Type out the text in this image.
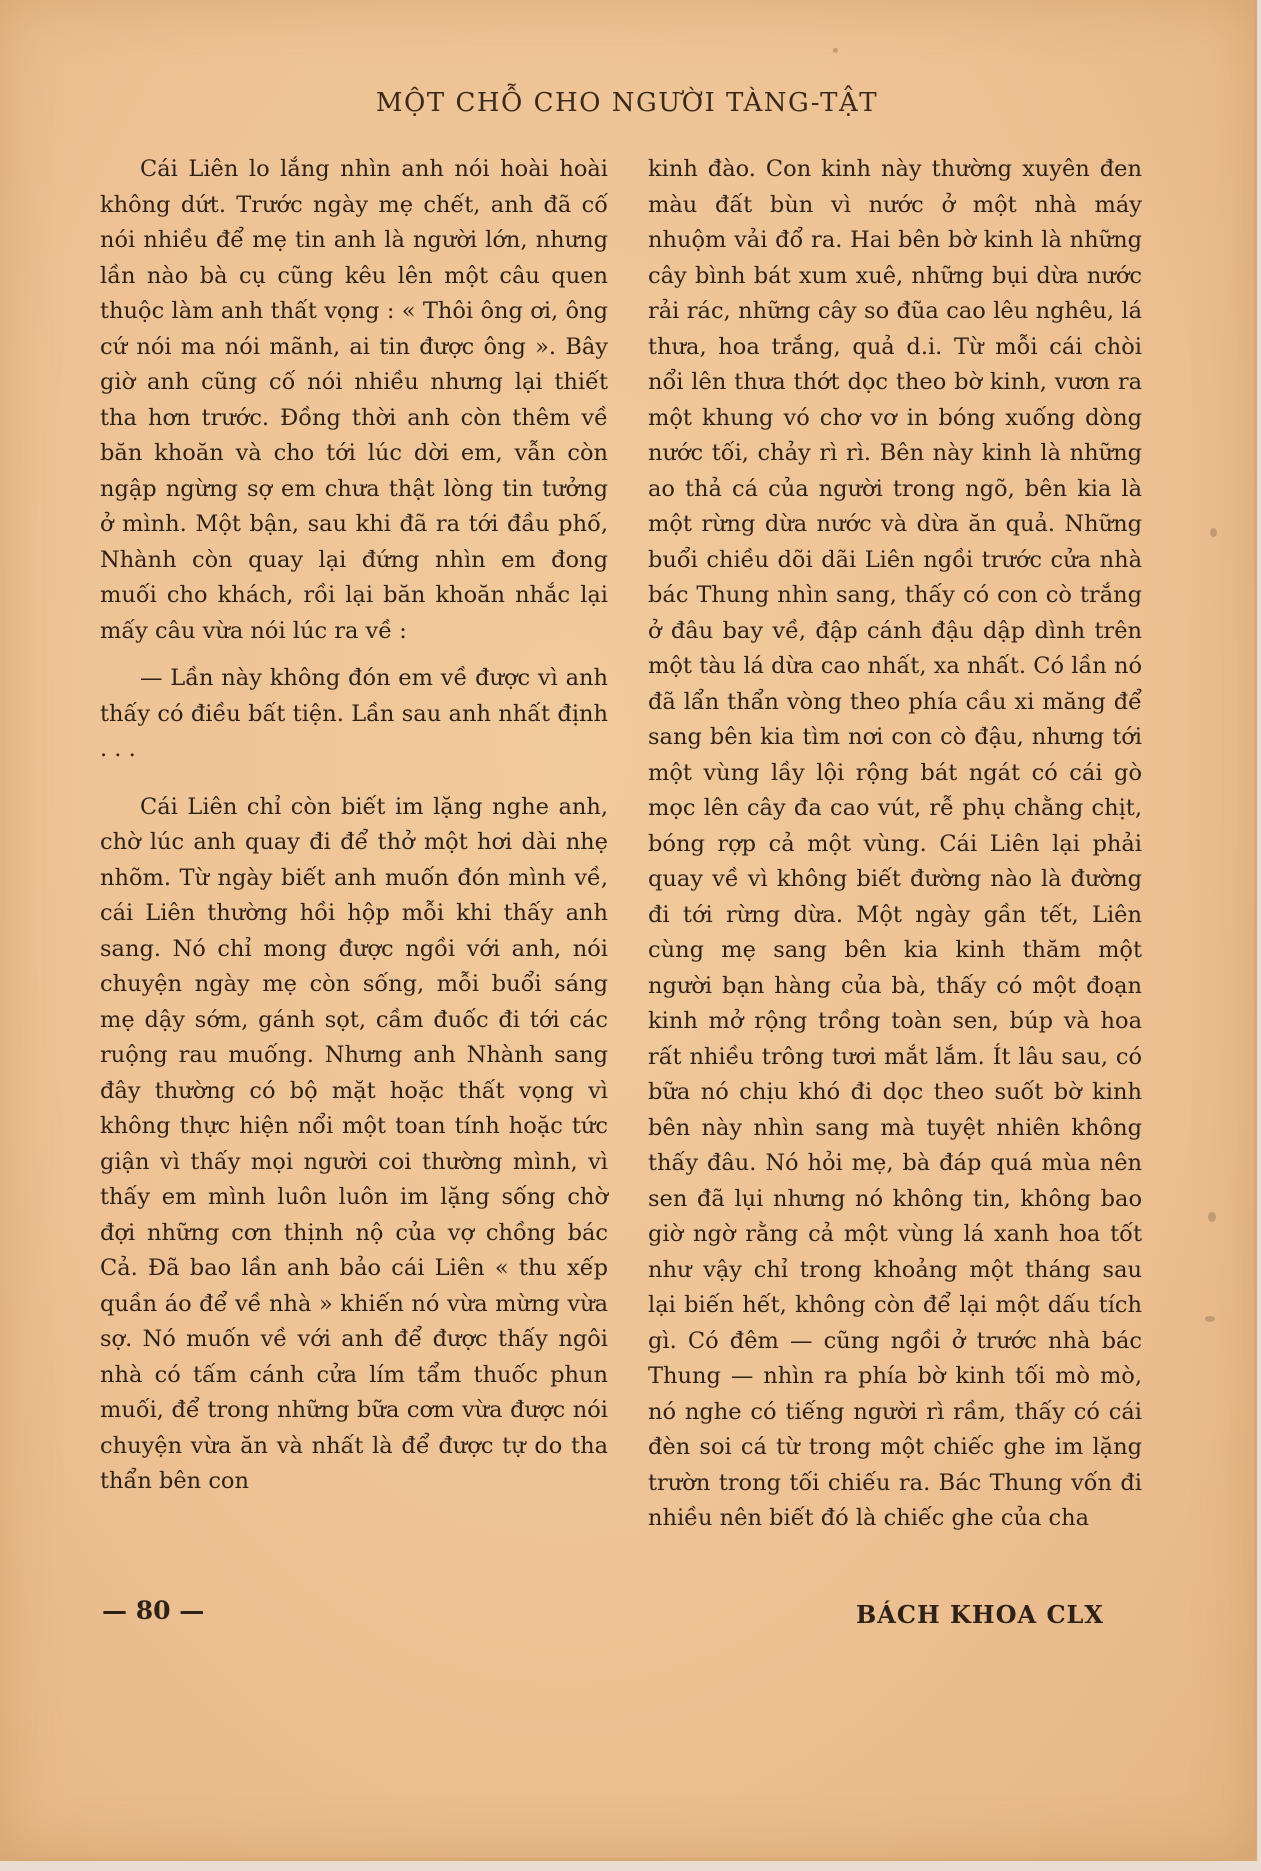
MỘT CHỖ CHO NGƯỜI TÀNG-TẬT

Cái Liên lo lắng nhìn anh nói hoài hoài không dứt. Trước ngày mẹ chết, anh đã cố nói nhiều để mẹ tin anh là người lớn, nhưng lần nào bà cụ cũng kêu lên một câu quen thuộc làm anh thất vọng : « Thôi ông ơi, ông cứ nói ma nói mãnh, ai tin được ông ». Bây giờ anh cũng cố nói nhiều nhưng lại thiết tha hơn trước. Đồng thời anh còn thêm về băn khoăn và cho tới lúc dời em, vẫn còn ngập ngừng sợ em chưa thật lòng tin tưởng ở mình. Một bận, sau khi đã ra tới đầu phố, Nhành còn quay lại đứng nhìn em đong muối cho khách, rồi lại băn khoăn nhắc lại mấy câu vừa nói lúc ra về :

— Lần này không đón em về được vì anh thấy có điều bất tiện. Lần sau anh nhất định . . .

Cái Liên chỉ còn biết im lặng nghe anh, chờ lúc anh quay đi để thở một hơi dài nhẹ nhõm. Từ ngày biết anh muốn đón mình về, cái Liên thường hồi hộp mỗi khi thấy anh sang. Nó chỉ mong được ngồi với anh, nói chuyện ngày mẹ còn sống, mỗi buổi sáng mẹ dậy sớm, gánh sọt, cầm đuốc đi tới các ruộng rau muống. Nhưng anh Nhành sang đây thường có bộ mặt hoặc thất vọng vì không thực hiện nổi một toan tính hoặc tức giận vì thấy mọi người coi thường mình, vì thấy em mình luôn luôn im lặng sống chờ đợi những cơn thịnh nộ của vợ chồng bác Cả. Đã bao lần anh bảo cái Liên « thu xếp quần áo để về nhà » khiến nó vừa mừng vừa sợ. Nó muốn về với anh để được thấy ngôi nhà có tấm cánh cửa lím tẩm thuốc phun muối, để trong những bữa cơm vừa được nói chuyện vừa ăn và nhất là để được tự do tha thẩn bên con

kinh đào. Con kinh này thường xuyên đen màu đất bùn vì nước ở một nhà máy nhuộm vải đổ ra. Hai bên bờ kinh là những cây bình bát xum xuê, những bụi dừa nước rải rác, những cây so đũa cao lêu nghêu, lá thưa, hoa trắng, quả d.i. Từ mỗi cái chòi nổi lên thưa thớt dọc theo bờ kinh, vươn ra một khung vó chơ vơ in bóng xuống dòng nước tối, chảy rì rì. Bên này kinh là những ao thả cá của người trong ngõ, bên kia là một rừng dừa nước và dừa ăn quả. Những buổi chiều dõi dãi Liên ngồi trước cửa nhà bác Thung nhìn sang, thấy có con cò trắng ở đâu bay về, đập cánh đậu dập dình trên một tàu lá dừa cao nhất, xa nhất. Có lần nó đã lẩn thẩn vòng theo phía cầu xi măng để sang bên kia tìm nơi con cò đậu, nhưng tới một vùng lầy lội rộng bát ngát có cái gò mọc lên cây đa cao vút, rễ phụ chằng chịt, bóng rợp cả một vùng. Cái Liên lại phải quay về vì không biết đường nào là đường đi tới rừng dừa. Một ngày gần tết, Liên cùng mẹ sang bên kia kinh thăm một người bạn hàng của bà, thấy có một đoạn kinh mở rộng trồng toàn sen, búp và hoa rất nhiều trông tươi mắt lắm. Ít lâu sau, có bữa nó chịu khó đi dọc theo suốt bờ kinh bên này nhìn sang mà tuyệt nhiên không thấy đâu. Nó hỏi mẹ, bà đáp quá mùa nên sen đã lụi nhưng nó không tin, không bao giờ ngờ rằng cả một vùng lá xanh hoa tốt như vậy chỉ trong khoảng một tháng sau lại biến hết, không còn để lại một dấu tích gì. Có đêm — cũng ngồi ở trước nhà bác Thung — nhìn ra phía bờ kinh tối mò mò, nó nghe có tiếng người rì rầm, thấy có cái đèn soi cá từ trong một chiếc ghe im lặng trườn trong tối chiếu ra. Bác Thung vốn đi nhiều nên biết đó là chiếc ghe của cha

— 80 —	BÁCH KHOA CLX
